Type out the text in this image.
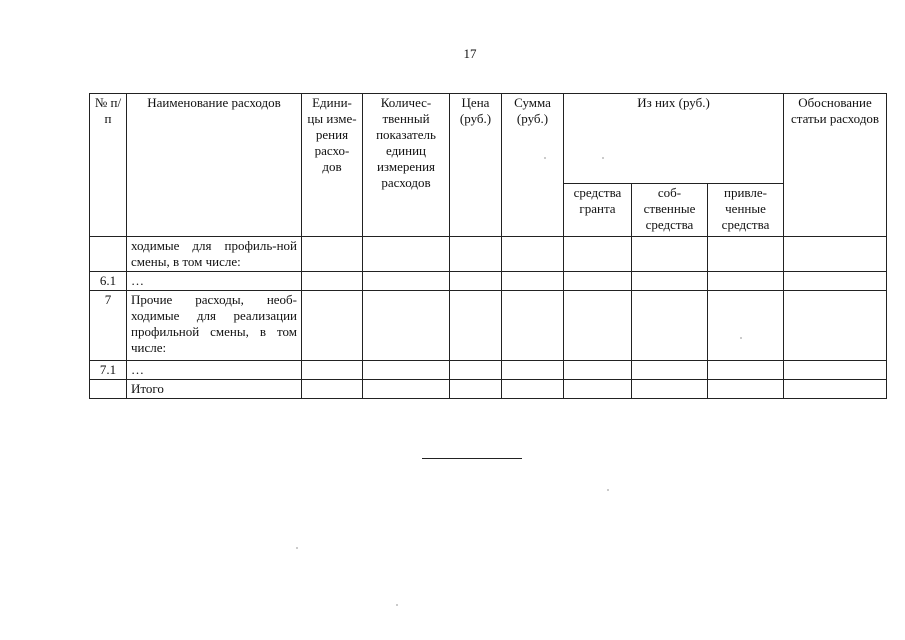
17
№ п/п	Наименование расходов	Едини-цы изме-рения расхо-дов	Количес-твенный показатель единиц измерения расходов	Цена (руб.)	Сумма (руб.)	Из них (руб.)			Обоснование статьи расходов
						средства гранта	соб-ственные средства	привле-ченные средства	
	ходимые для профиль-ной смены, в том числе:								
6.1	…								
7	Прочие расходы, необ-ходимые для реализации профильной смены, в том числе:								
7.1	…								
	Итого								
